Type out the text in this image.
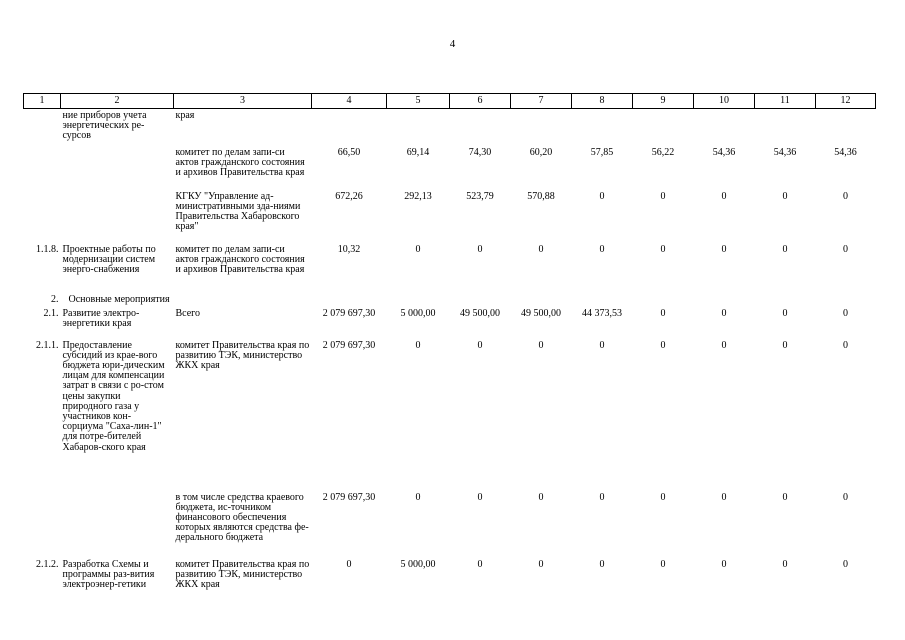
4
1	2	3	4	5	6	7	8	9	10	11	12
	ние приборов учета энергетических ре-сурсов	края									
		комитет по делам запи-си актов гражданского состояния и архивов Правительства края	66,50	69,14	74,30	60,20	57,85	56,22	54,36	54,36	54,36
		КГКУ "Управление ад-министративными зда-ниями Правительства Хабаровского края"	672,26	292,13	523,79	570,88	0	0	0	0	0
1.1.8.	Проектные работы по модернизации систем энерго-снабжения	комитет по делам запи-си актов гражданского состояния и архивов Правительства края	10,32	0	0	0	0	0	0	0	0
2.	Основные мероприятия										
2.1.	Развитие электро-энергетики края	Всего	2 079 697,30	5 000,00	49 500,00	49 500,00	44 373,53	0	0	0	0
2.1.1.	Предоставление субсидий из крае-вого бюджета юри-дическим лицам для компенсации затрат в связи с ро-стом цены закупки природного газа у участников кон-сорциума "Саха-лин-1" для потре-бителей Хабаров-ского края	комитет Правительства края по развитию ТЭК, министерство ЖКХ края	2 079 697,30	0	0	0	0	0	0	0	0
		в том числе средства краевого бюджета, ис-точником финансового обеспечения которых являются средства фе-дерального бюджета	2 079 697,30	0	0	0	0	0	0	0	0
2.1.2.	Разработка Схемы и программы раз-вития электроэнер-гетики	комитет Правительства края по развитию ТЭК, министерство ЖКХ края	0	5 000,00	0	0	0	0	0	0	0
